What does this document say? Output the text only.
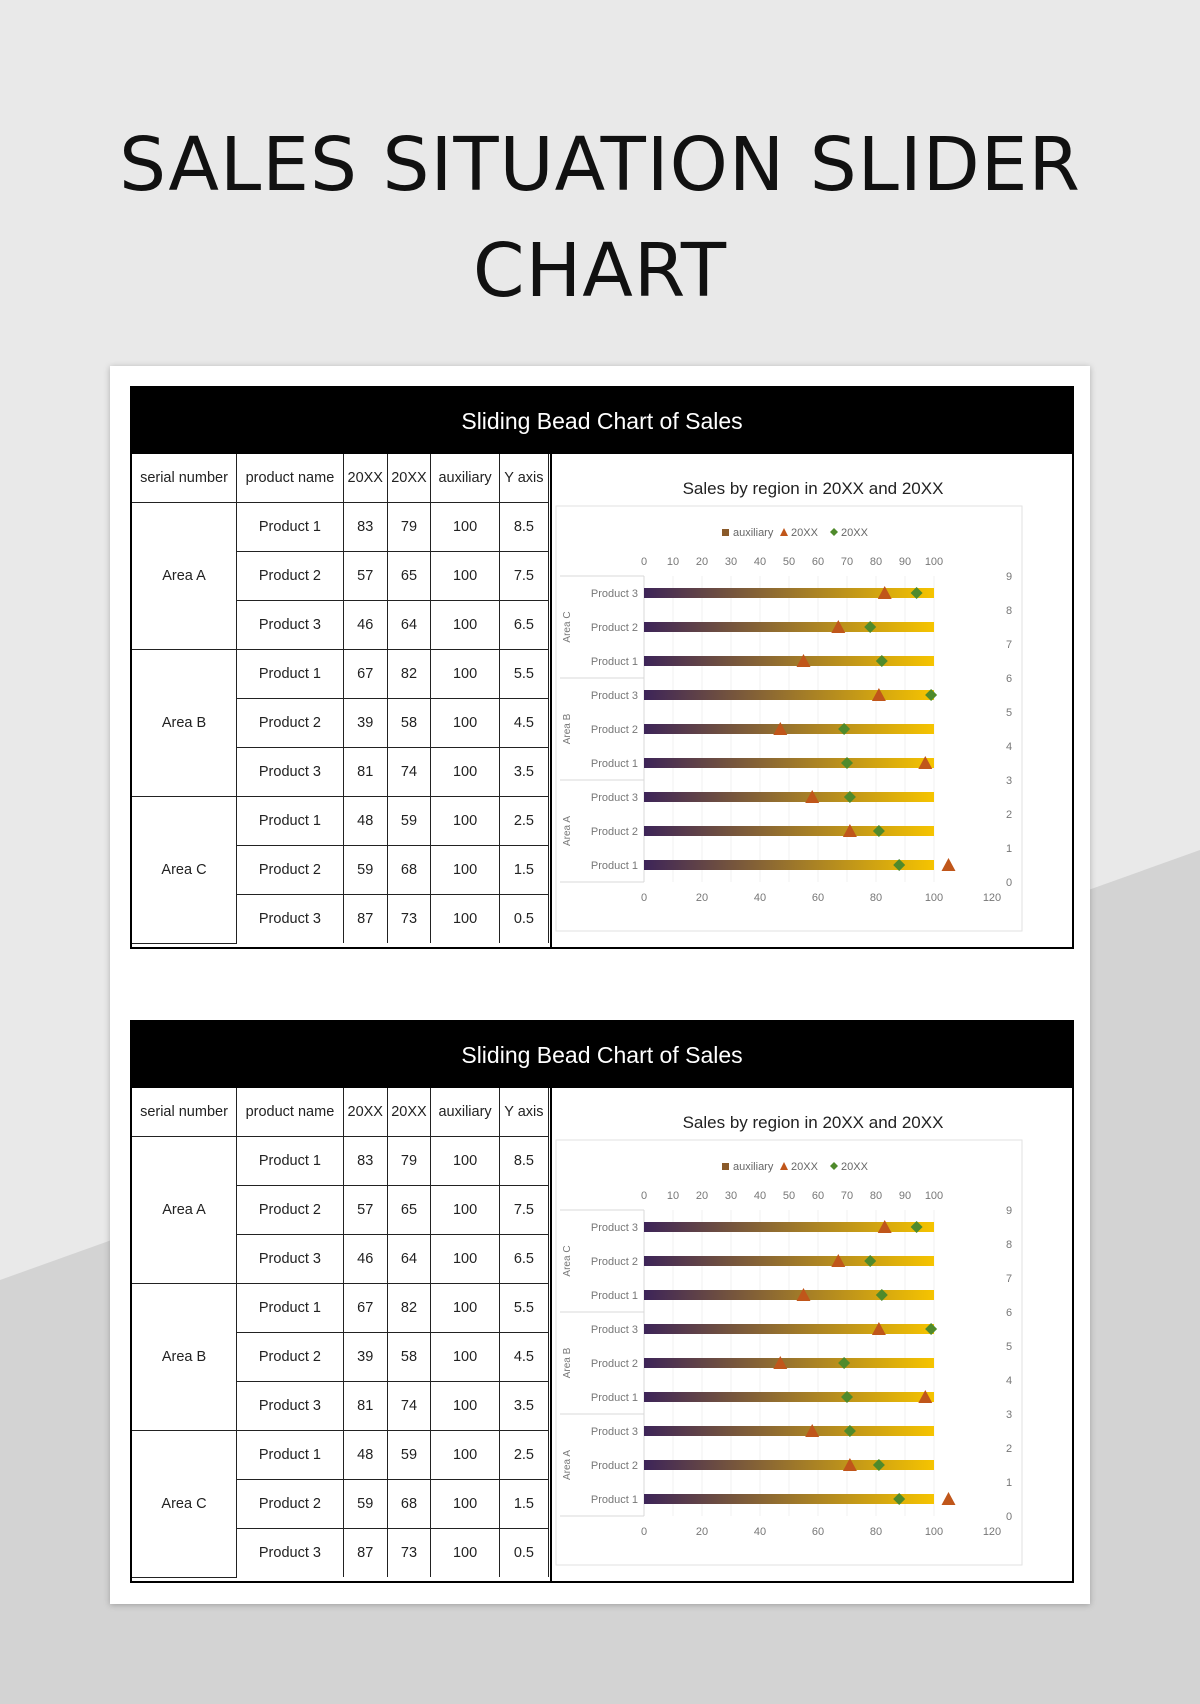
SALES SITUATION SLIDER CHART
Sliding Bead Chart of Sales
serial number	product name	20XX	20XX	auxiliary	Y axis
Area A	Product 1	83	79	100	8.5
	Product 2	57	65	100	7.5
	Product 3	46	64	100	6.5
Area B	Product 1	67	82	100	5.5
	Product 2	39	58	100	4.5
	Product 3	81	74	100	3.5
Area C	Product 1	48	59	100	2.5
	Product 2	59	68	100	1.5
	Product 3	87	73	100	0.5
Sales by region in 20XX and 20XX
auxiliary 20XX 20XX
0 10 20 30 40 50 60 70 80 90 100
0	20	40	60	80	100	120
0
1
2
3
4
5
6
7
8
9
Product 1
Product 2
Product 3
Product 1
Product 2
Product 3
Product 1
Product 2
Product 3
Area A
Area B
Area C
Sliding Bead Chart of Sales
serial number	product name	20XX	20XX	auxiliary	Y axis
Area A	Product 1	83	79	100	8.5
	Product 2	57	65	100	7.5
	Product 3	46	64	100	6.5
Area B	Product 1	67	82	100	5.5
	Product 2	39	58	100	4.5
	Product 3	81	74	100	3.5
Area C	Product 1	48	59	100	2.5
	Product 2	59	68	100	1.5
	Product 3	87	73	100	0.5
Sales by region in 20XX and 20XX
auxiliary 20XX 20XX
0 10 20 30 40 50 60 70 80 90 100
0	20	40	60	80	100	120
0
1
2
3
4
5
6
7
8
9
Product 1
Product 2
Product 3
Product 1
Product 2
Product 3
Product 1
Product 2
Product 3
Area A
Area B
Area C
